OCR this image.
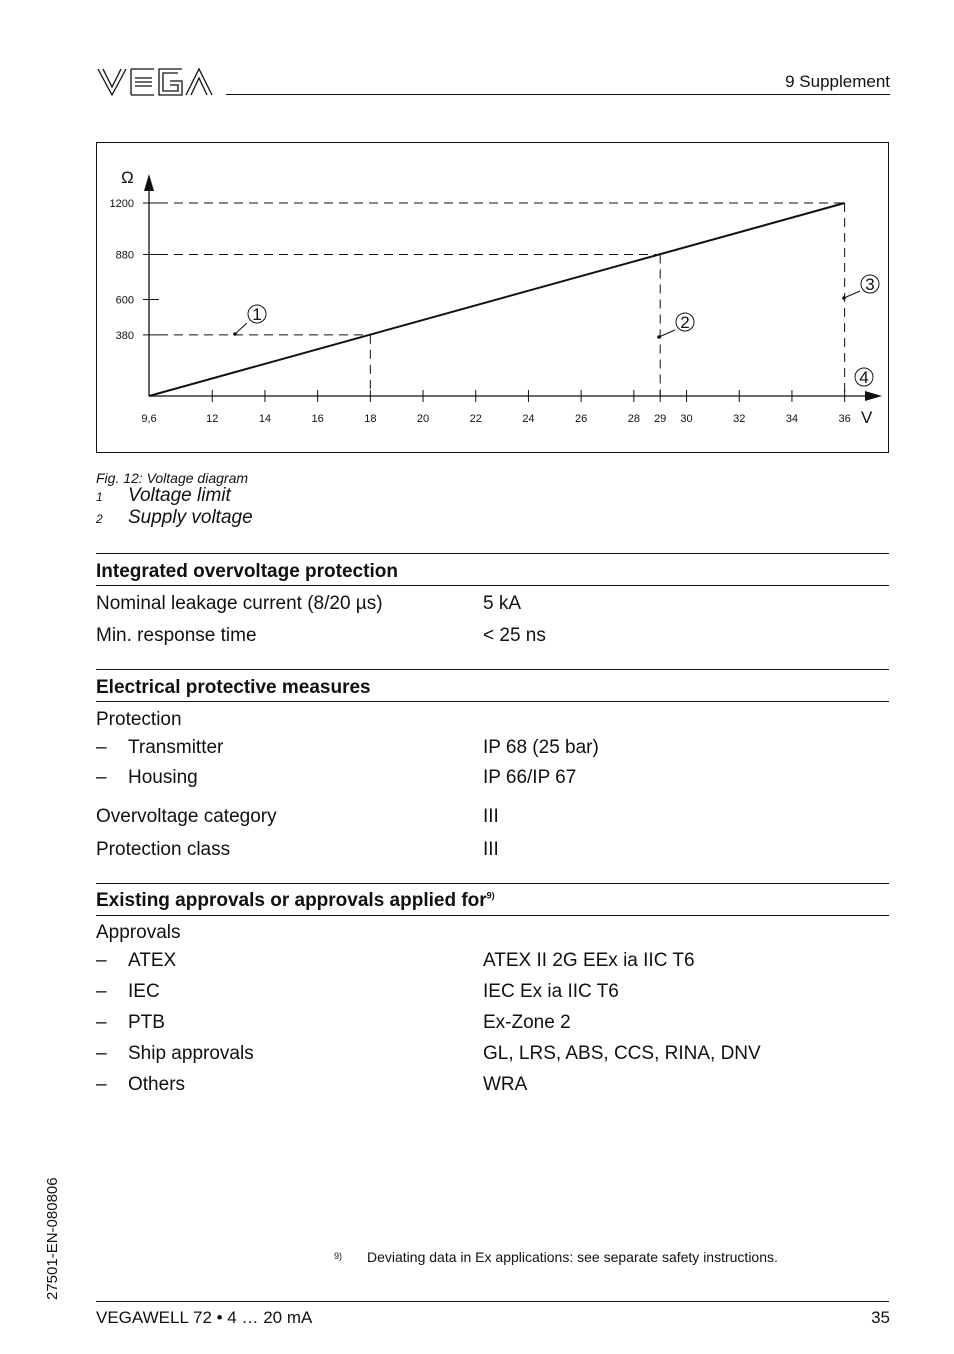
9 Supplement
9,6	12	14	16	18	20	22	24	26	28 29 30	32	34	36
380
600
880
1200
V
Ω
1	2
3
4
Fig. 12: Voltage diagram
1 Voltage limit
2 Supply voltage
Integrated overvoltage protection
Nominal leakage current (8/20 µs)	5 kA
Min. response time	< 25 ns
Electrical protective measures
Protection
– Transmitter	IP 68 (25 bar)
– Housing	IP 66/IP 67
Overvoltage category	III
Protection class	III
Existing approvals or approvals applied for$^{9)}$
Approvals
– ATEX	ATEX II 2G EEx ia IIC T6
– IEC	IEC Ex ia IIC T6
– PTB	Ex-Zone 2
– Ship approvals	GL, LRS, ABS, CCS, RINA, DNV
– Others	WRA
27501-EN-080806	9) Deviating data in Ex applications: see separate safety instructions.
VEGAWELL 72 • 4 … 20 mA	35
